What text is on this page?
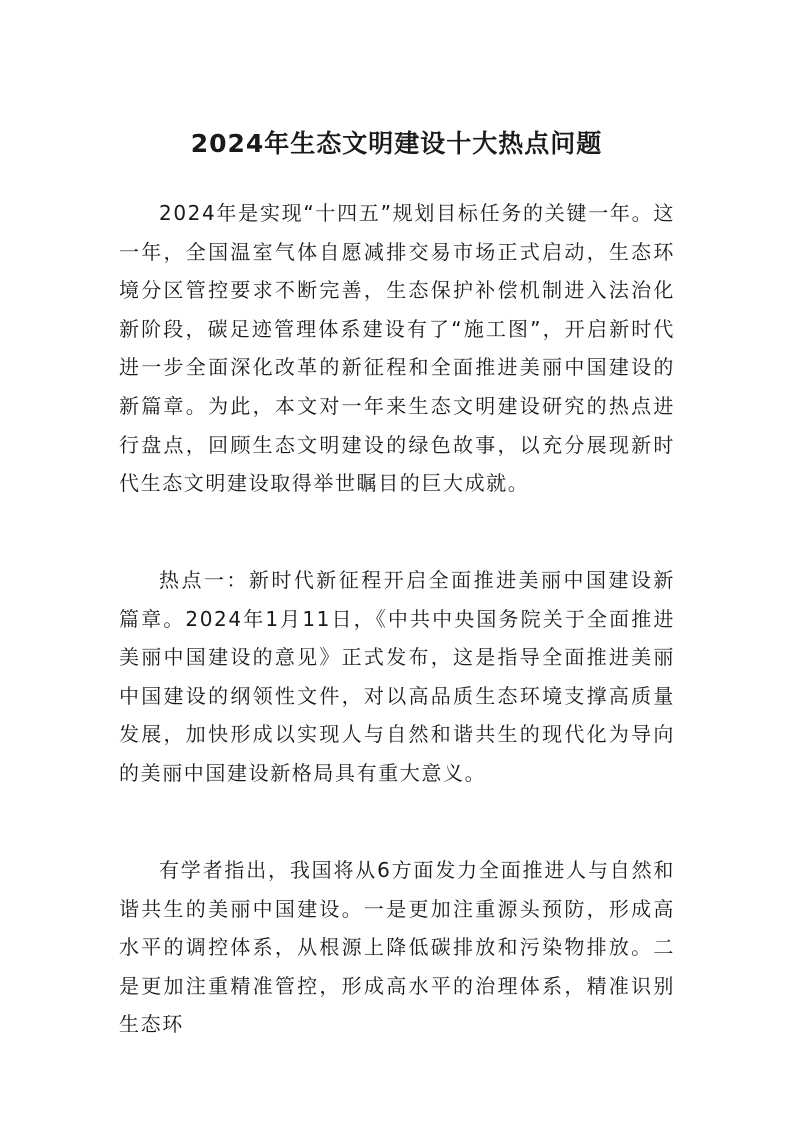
2024年生态文明建设十大热点问题

2024年是实现“十四五”规划目标任务的关键一年。这一年，全国温室气体自愿减排交易市场正式启动，生态环境分区管控要求不断完善，生态保护补偿机制进入法治化新阶段，碳足迹管理体系建设有了“施工图”，开启新时代进一步全面深化改革的新征程和全面推进美丽中国建设的新篇章。为此，本文对一年来生态文明建设研究的热点进行盘点，回顾生态文明建设的绿色故事，以充分展现新时代生态文明建设取得举世瞩目的巨大成就。

热点一：新时代新征程开启全面推进美丽中国建设新篇章。2024年1月11日，《中共中央国务院关于全面推进美丽中国建设的意见》正式发布，这是指导全面推进美丽中国建设的纲领性文件，对以高品质生态环境支撑高质量发展，加快形成以实现人与自然和谐共生的现代化为导向的美丽中国建设新格局具有重大意义。

有学者指出，我国将从6方面发力全面推进人与自然和谐共生的美丽中国建设。一是更加注重源头预防，形成高水平的调控体系，从根源上降低碳排放和污染物排放。二是更加注重精准管控，形成高水平的治理体系，精准识别生态环
